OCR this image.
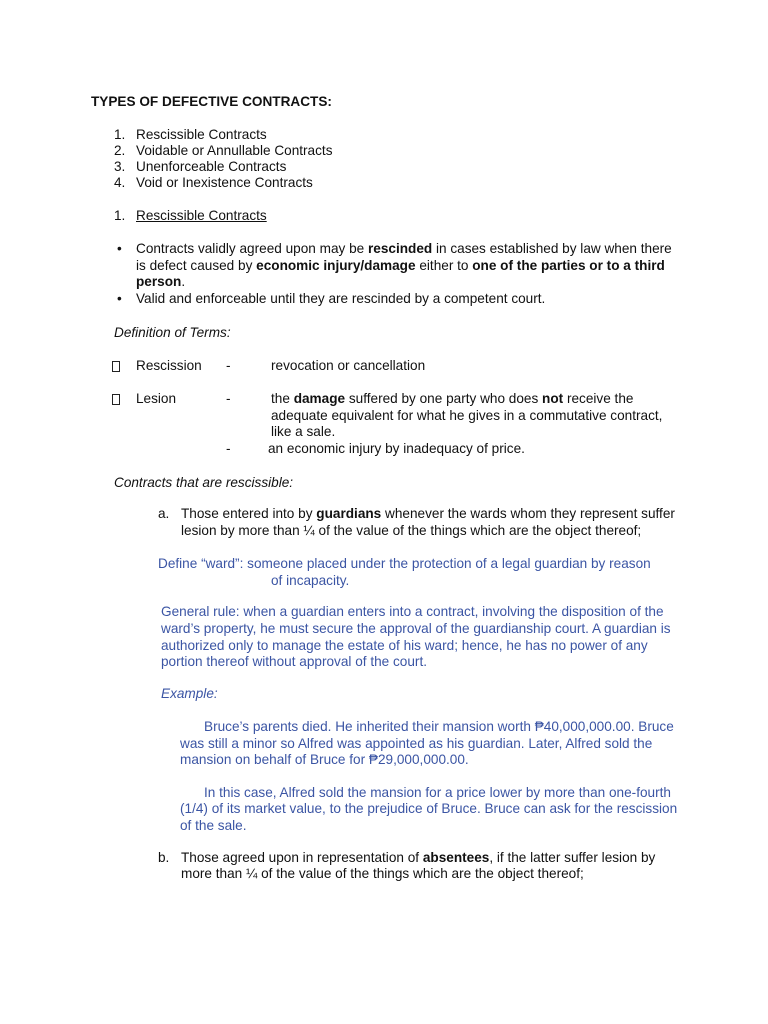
TYPES OF DEFECTIVE CONTRACTS:
1. Rescissible Contracts
2. Voidable or Annullable Contracts
3. Unenforceable Contracts
4. Void or Inexistence Contracts
1. Rescissible Contracts
• Contracts validly agreed upon may be rescinded in cases established by law when there
is defect caused by economic injury/damage either to one of the parties or to a third
person.
• Valid and enforceable until they are rescinded by a competent court.
Definition of Terms:
Rescission -	revocation or cancellation
Lesion	-	the damage suffered by one party who does not receive the
adequate equivalent for what he gives in a commutative contract,
like a sale.
-	an economic injury by inadequacy of price.
Contracts that are rescissible:
a. Those entered into by guardians whenever the wards whom they represent suffer
lesion by more than ¼ of the value of the things which are the object thereof;
Define “ward”: someone placed under the protection of a legal guardian by reason
of incapacity.
General rule: when a guardian enters into a contract, involving the disposition of the
ward’s property, he must secure the approval of the guardianship court. A guardian is
authorized only to manage the estate of his ward; hence, he has no power of any
portion thereof without approval of the court.
Example:
Bruce’s parents died. He inherited their mansion worth ₱40,000,000.00. Bruce
was still a minor so Alfred was appointed as his guardian. Later, Alfred sold the
mansion on behalf of Bruce for ₱29,000,000.00.
In this case, Alfred sold the mansion for a price lower by more than one-fourth
(1/4) of its market value, to the prejudice of Bruce. Bruce can ask for the rescission
of the sale.
b. Those agreed upon in representation of absentees, if the latter suffer lesion by
more than ¼ of the value of the things which are the object thereof;
